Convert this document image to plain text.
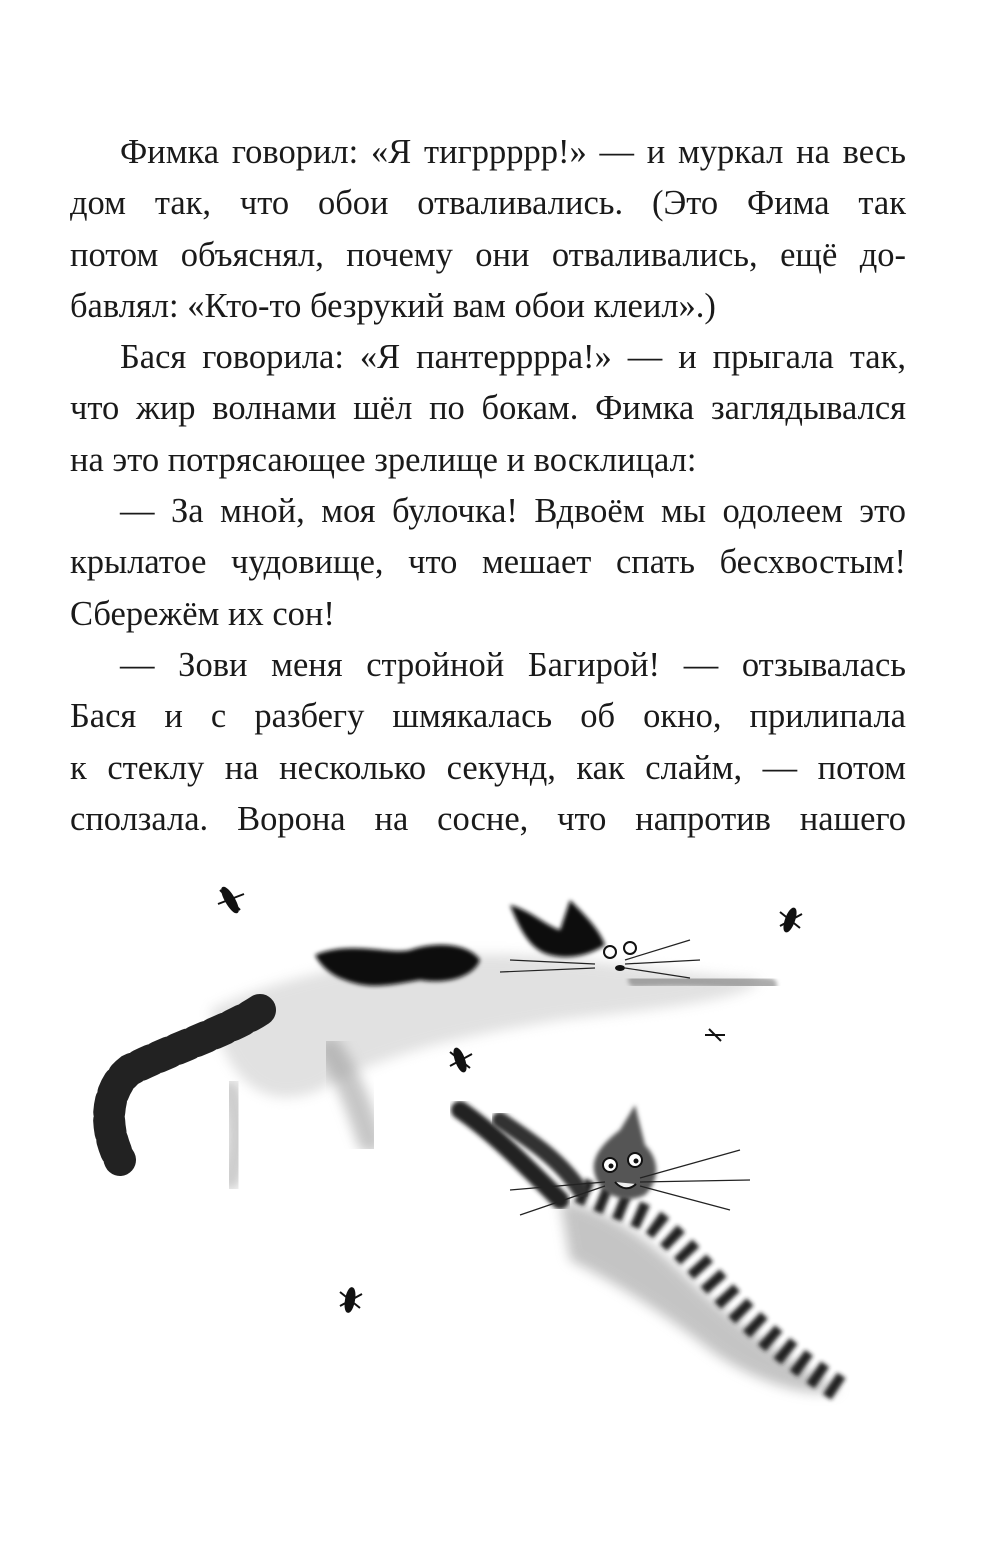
Фимка говорил: «Я тигррррр!» — и муркал на весь
дом так, что обои отваливались. (Это Фима так
потом объяснял, почему они отваливались, ещё до-
бавлял: «Кто-то безрукий вам обои клеил».)
Бася говорила: «Я пантерррра!» — и прыгала так,
что жир волнами шёл по бокам. Фимка заглядывался
на это потрясающее зрелище и восклицал:
— За мной, моя булочка! Вдвоём мы одолеем это
крылатое чудовище, что мешает спать бесхвостым!
Сбережём их сон!
— Зови меня стройной Багирой! — отзывалась
Бася и с разбегу шмякалась об окно, прилипала
к стеклу на несколько секунд, как слайм, — потом
сползала. Ворона на сосне, что напротив нашего
